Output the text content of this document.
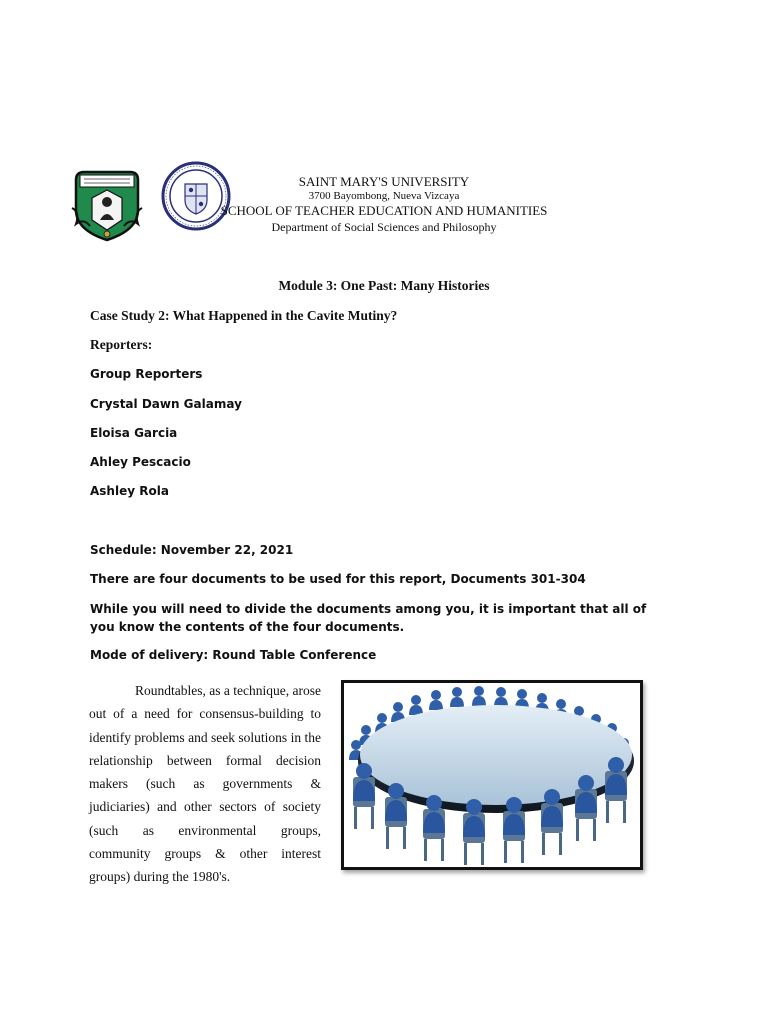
SAINT MARY'S UNIVERSITY
3700 Bayombong, Nueva Vizcaya
SCHOOL OF TEACHER EDUCATION AND HUMANITIES
Department of Social Sciences and Philosophy
Module 3: One Past: Many Histories
Case Study 2: What Happened in the Cavite Mutiny?
Reporters:
Group Reporters
Crystal Dawn Galamay
Eloisa Garcia
Ahley Pescacio
Ashley Rola
Schedule: November 22, 2021
There are four documents to be used for this report, Documents 301-304
While you will need to divide the documents among you, it is important that all of you know the contents of the four documents.
Mode of delivery: Round Table Conference
Roundtables, as a technique, arose out of a need for consensus-building to identify problems and seek solutions in the relationship between formal decision makers (such as governments & judiciaries) and other sectors of society (such as environmental groups, community groups & other interest groups) during the 1980's.
